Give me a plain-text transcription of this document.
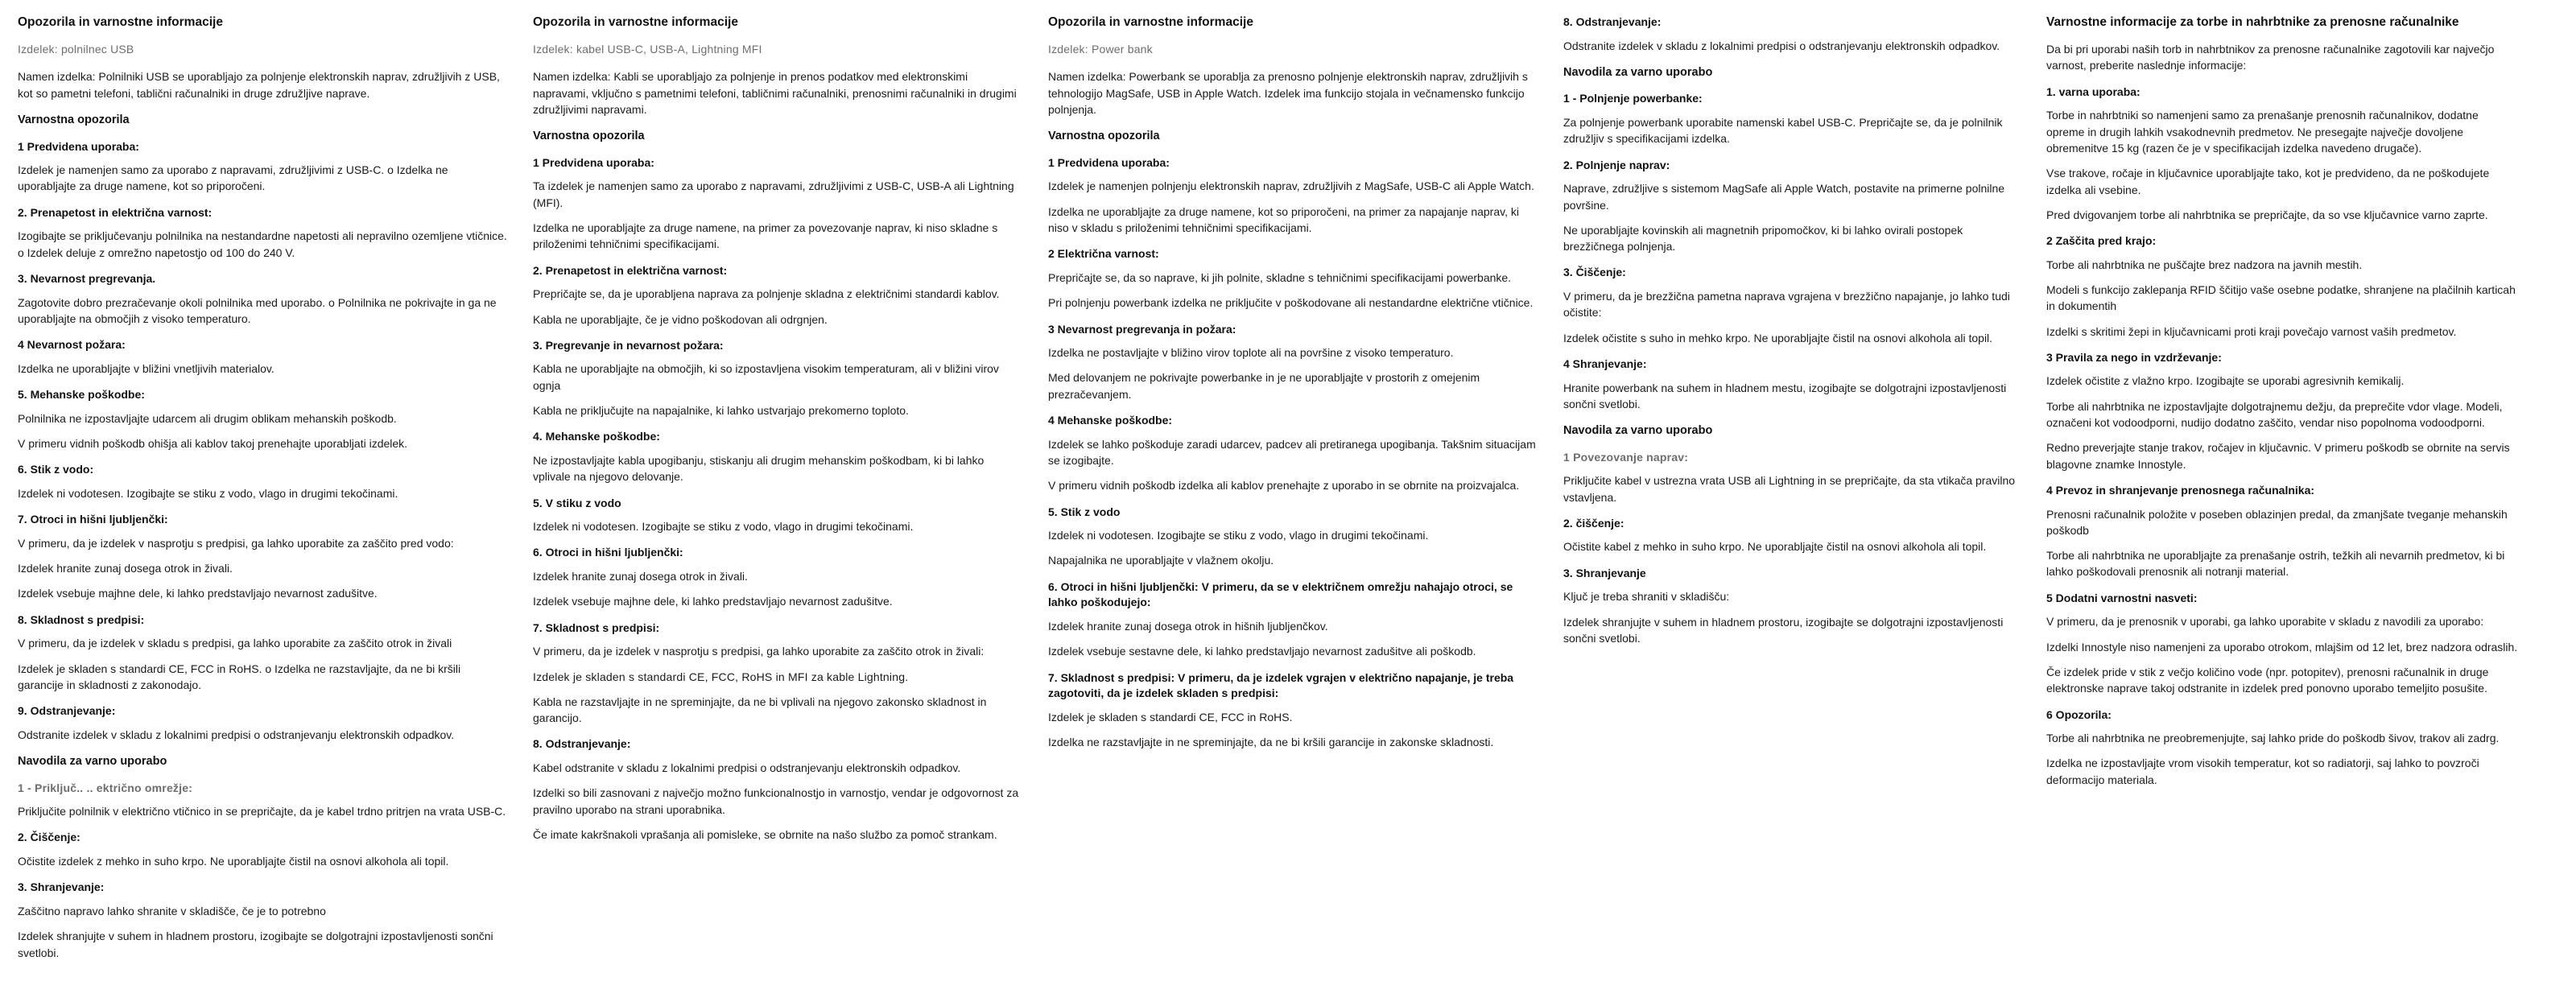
Opozorila in varnostne informacije
Izdelek: polnilnec USB

Namen izdelka: Polnilniki USB se uporabljajo za polnjenje elektronskih naprav, združljivih z USB, kot so pametni telefoni, tablični računalniki in druge združljive naprave.

Varnostna opozorila
1 Predvidena uporaba:

Izdelek je namenjen samo za uporabo z napravami, združljivimi z USB-C. o Izdelka ne uporabljajte za druge namene, kot so priporočeni.

2. Prenapetost in električna varnost:

Izogibajte se priključevanju polnilnika na nestandardne napetosti ali nepravilno ozemljene vtičnice. o Izdelek deluje z omrežno napetostjo od 100 do 240 V.

3. Nevarnost pregrevanja.

Zagotovite dobro prezračevanje okoli polnilnika med uporabo. o Polnilnika ne pokrivajte in ga ne uporabljajte na območjih z visoko temperaturo.

4 Nevarnost požara:

Izdelka ne uporabljajte v bližini vnetljivih materialov.

5. Mehanske poškodbe:

Polnilnika ne izpostavljajte udarcem ali drugim oblikam mehanskih poškodb.

V primeru vidnih poškodb ohišja ali kablov takoj prenehajte uporabljati izdelek.

6. Stik z vodo:

Izdelek ni vodotesen. Izogibajte se stiku z vodo, vlago in drugimi tekočinami.

7. Otroci in hišni ljubljenčki:

V primeru, da je izdelek v nasprotju s predpisi, ga lahko uporabite za zaščito pred vodo:

Izdelek hranite zunaj dosega otrok in živali.

Izdelek vsebuje majhne dele, ki lahko predstavljajo nevarnost zadušitve.

8. Skladnost s predpisi:

V primeru, da je izdelek v skladu s predpisi, ga lahko uporabite za zaščito otrok in živali

Izdelek je skladen s standardi CE, FCC in RoHS. o Izdelka ne razstavljajte, da ne bi kršili garancije in skladnosti z zakonodajo.

9. Odstranjevanje:

Odstranite izdelek v skladu z lokalnimi predpisi o odstranjevanju elektronskih odpadkov.

Navodila za varno uporabo
1 - Priključ.. .. ektrično omrežje:

Priključite polnilnik v električno vtičnico in se prepričajte, da je kabel trdno pritrjen na vrata USB-C.

2. Čiščenje:

Očistite izdelek z mehko in suho krpo. Ne uporabljajte čistil na osnovi alkohola ali topil.

3. Shranjevanje:

Zaščitno napravo lahko shranite v skladišče, če je to potrebno

Izdelek shranjujte v suhem in hladnem prostoru, izogibajte se dolgotrajni izpostavljenosti sončni svetlobi.

Opozorila in varnostne informacije
Izdelek: kabel USB-C, USB-A, Lightning MFI

Namen izdelka: Kabli se uporabljajo za polnjenje in prenos podatkov med elektronskimi napravami, vključno s pametnimi telefoni, tabličnimi računalniki, prenosnimi računalniki in drugimi združljivimi napravami.

Varnostna opozorila
1 Predvidena uporaba:

Ta izdelek je namenjen samo za uporabo z napravami, združljivimi z USB-C, USB-A ali Lightning (MFI).

Izdelka ne uporabljajte za druge namene, na primer za povezovanje naprav, ki niso skladne s priloženimi tehničnimi specifikacijami.

2. Prenapetost in električna varnost:

Prepričajte se, da je uporabljena naprava za polnjenje skladna z električnimi standardi kablov.

Kabla ne uporabljajte, če je vidno poškodovan ali odrgnjen.

3. Pregrevanje in nevarnost požara:

Kabla ne uporabljajte na območjih, ki so izpostavljena visokim temperaturam, ali v bližini virov ognja

Kabla ne priključujte na napajalnike, ki lahko ustvarjajo prekomerno toploto.

4. Mehanske poškodbe:

Ne izpostavljajte kabla upogibanju, stiskanju ali drugim mehanskim poškodbam, ki bi lahko vplivale na njegovo delovanje.

5. V stiku z vodo

Izdelek ni vodotesen. Izogibajte se stiku z vodo, vlago in drugimi tekočinami.

6. Otroci in hišni ljubljenčki:

Izdelek hranite zunaj dosega otrok in živali.

Izdelek vsebuje majhne dele, ki lahko predstavljajo nevarnost zadušitve.

7. Skladnost s predpisi:

V primeru, da je izdelek v nasprotju s predpisi, ga lahko uporabite za zaščito otrok in živali:

Izdelek je skladen s standardi CE, FCC, RoHS in MFI za kable Lightning.

Kabla ne razstavljajte in ne spreminjajte, da ne bi vplivali na njegovo zakonsko skladnost in garancijo.

8. Odstranjevanje:

Kabel odstranite v skladu z lokalnimi predpisi o odstranjevanju elektronskih odpadkov.

Izdelki so bili zasnovani z največjo možno funkcionalnostjo in varnostjo, vendar je odgovornost za pravilno uporabo na strani uporabnika.

Če imate kakršnakoli vprašanja ali pomisleke, se obrnite na našo službo za pomoč strankam.

Opozorila in varnostne informacije
Izdelek: Power bank

Namen izdelka: Powerbank se uporablja za prenosno polnjenje elektronskih naprav, združljivih s tehnologijo MagSafe, USB in Apple Watch. Izdelek ima funkcijo stojala in večnamensko funkcijo polnjenja.

Varnostna opozorila
1 Predvidena uporaba:

Izdelek je namenjen polnjenju elektronskih naprav, združljivih z MagSafe, USB-C ali Apple Watch.

Izdelka ne uporabljajte za druge namene, kot so priporočeni, na primer za napajanje naprav, ki niso v skladu s priloženimi tehničnimi specifikacijami.

2 Električna varnost:

Prepričajte se, da so naprave, ki jih polnite, skladne s tehničnimi specifikacijami powerbanke.

Pri polnjenju powerbank izdelka ne priključite v poškodovane ali nestandardne električne vtičnice.

3 Nevarnost pregrevanja in požara:

Izdelka ne postavljajte v bližino virov toplote ali na površine z visoko temperaturo.

Med delovanjem ne pokrivajte powerbanke in je ne uporabljajte v prostorih z omejenim prezračevanjem.

4 Mehanske poškodbe:

Izdelek se lahko poškoduje zaradi udarcev, padcev ali pretiranega upogibanja. Takšnim situacijam se izogibajte.

V primeru vidnih poškodb izdelka ali kablov prenehajte z uporabo in se obrnite na proizvajalca.

5. Stik z vodo

Izdelek ni vodotesen. Izogibajte se stiku z vodo, vlago in drugimi tekočinami.

Napajalnika ne uporabljajte v vlažnem okolju.

6. Otroci in hišni ljubljenčki: V primeru, da se v električnem omrežju nahajajo otroci, se lahko poškodujejo:

Izdelek hranite zunaj dosega otrok in hišnih ljubljenčkov.

Izdelek vsebuje sestavne dele, ki lahko predstavljajo nevarnost zadušitve ali poškodb.

7. Skladnost s predpisi: V primeru, da je izdelek vgrajen v električno napajanje, je treba zagotoviti, da je izdelek skladen s predpisi:

Izdelek je skladen s standardi CE, FCC in RoHS.

Izdelka ne razstavljajte in ne spreminjajte, da ne bi kršili garancije in zakonske skladnosti.

8. Odstranjevanje:

Odstranite izdelek v skladu z lokalnimi predpisi o odstranjevanju elektronskih odpadkov.

Navodila za varno uporabo
1 - Polnjenje powerbanke:

Za polnjenje powerbank uporabite namenski kabel USB-C. Prepričajte se, da je polnilnik združljiv s specifikacijami izdelka.

2. Polnjenje naprav:

Naprave, združljive s sistemom MagSafe ali Apple Watch, postavite na primerne polnilne površine.

Ne uporabljajte kovinskih ali magnetnih pripomočkov, ki bi lahko ovirali postopek brezžičnega polnjenja.

3. Čiščenje:

V primeru, da je brezžična pametna naprava vgrajena v brezžično napajanje, jo lahko tudi očistite:

Izdelek očistite s suho in mehko krpo. Ne uporabljajte čistil na osnovi alkohola ali topil.

4 Shranjevanje:

Hranite powerbank na suhem in hladnem mestu, izogibajte se dolgotrajni izpostavljenosti sončni svetlobi.

Navodila za varno uporabo
1 Povezovanje naprav:

Priključite kabel v ustrezna vrata USB ali Lightning in se prepričajte, da sta vtikača pravilno vstavljena.

2. čiščenje:

Očistite kabel z mehko in suho krpo. Ne uporabljajte čistil na osnovi alkohola ali topil.

3. Shranjevanje

Ključ je treba shraniti v skladišču:

Izdelek shranjujte v suhem in hladnem prostoru, izogibajte se dolgotrajni izpostavljenosti sončni svetlobi.

Varnostne informacije za torbe in nahrbtnike za prenosne računalnike

Da bi pri uporabi naših torb in nahrbtnikov za prenosne računalnike zagotovili kar največjo varnost, preberite naslednje informacije:

1. varna uporaba:

Torbe in nahrbtniki so namenjeni samo za prenašanje prenosnih računalnikov, dodatne opreme in drugih lahkih vsakodnevnih predmetov. Ne presegajte največje dovoljene obremenitve 15 kg (razen če je v specifikacijah izdelka navedeno drugače).

Vse trakove, ročaje in ključavnice uporabljajte tako, kot je predvideno, da ne poškodujete izdelka ali vsebine.

Pred dvigovanjem torbe ali nahrbtnika se prepričajte, da so vse ključavnice varno zaprte.

2 Zaščita pred krajo:

Torbe ali nahrbtnika ne puščajte brez nadzora na javnih mestih.

Modeli s funkcijo zaklepanja RFID ščitijo vaše osebne podatke, shranjene na plačilnih karticah in dokumentih

Izdelki s skritimi žepi in ključavnicami proti kraji povečajo varnost vaših predmetov.

3 Pravila za nego in vzdrževanje:

Izdelek očistite z vlažno krpo. Izogibajte se uporabi agresivnih kemikalij.

Torbe ali nahrbtnika ne izpostavljajte dolgotrajnemu dežju, da preprečite vdor vlage. Modeli, označeni kot vodoodporni, nudijo dodatno zaščito, vendar niso popolnoma vodoodporni.

Redno preverjajte stanje trakov, ročajev in ključavnic. V primeru poškodb se obrnite na servis blagovne znamke Innostyle.

4 Prevoz in shranjevanje prenosnega računalnika:

Prenosni računalnik položite v poseben oblazinjen predal, da zmanjšate tveganje mehanskih poškodb

Torbe ali nahrbtnika ne uporabljajte za prenašanje ostrih, težkih ali nevarnih predmetov, ki bi lahko poškodovali prenosnik ali notranji material.

5 Dodatni varnostni nasveti:

V primeru, da je prenosnik v uporabi, ga lahko uporabite v skladu z navodili za uporabo:

Izdelki Innostyle niso namenjeni za uporabo otrokom, mlajšim od 12 let, brez nadzora odraslih.

Če izdelek pride v stik z večjo količino vode (npr. potopitev), prenosni računalnik in druge elektronske naprave takoj odstranite in izdelek pred ponovno uporabo temeljito posušite.

6 Opozorila:

Torbe ali nahrbtnika ne preobremenjujte, saj lahko pride do poškodb šivov, trakov ali zadrg.

Izdelka ne izpostavljajte vrom visokih temperatur, kot so radiatorji, saj lahko to povzroči deformacijo materiala.
